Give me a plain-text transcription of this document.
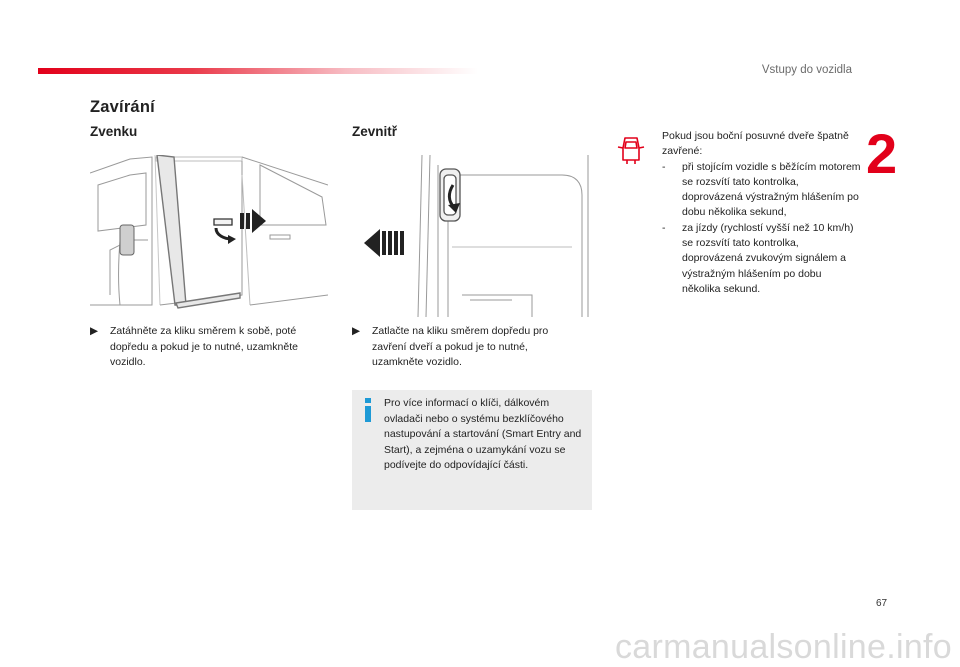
Vstupy do vozidla
2
Zavírání
Zvenku
▶ Zatáhněte za kliku směrem k sobě, poté dopředu a pokud je to nutné, uzamkněte vozidlo.
Zevnitř
▶ Zatlačte na kliku směrem dopředu pro zavření dveří a pokud je to nutné, uzamkněte vozidlo.
Pro více informací o klíči, dálkovém ovladači nebo o systému bezklíčového nastupování a startování (Smart Entry and Start), a zejména o uzamykání vozu se podívejte do odpovídající části.
Pokud jsou boční posuvné dveře špatně zavřené:
- při stojícím vozidle s běžícím motorem se rozsvítí tato kontrolka, doprovázená výstražným hlášením po dobu několika sekund,
- za jízdy (rychlostí vyšší než 10 km/h) se rozsvítí tato kontrolka, doprovázená zvukovým signálem a výstražným hlášením po dobu několika sekund.
67
carmanualsonline.info
